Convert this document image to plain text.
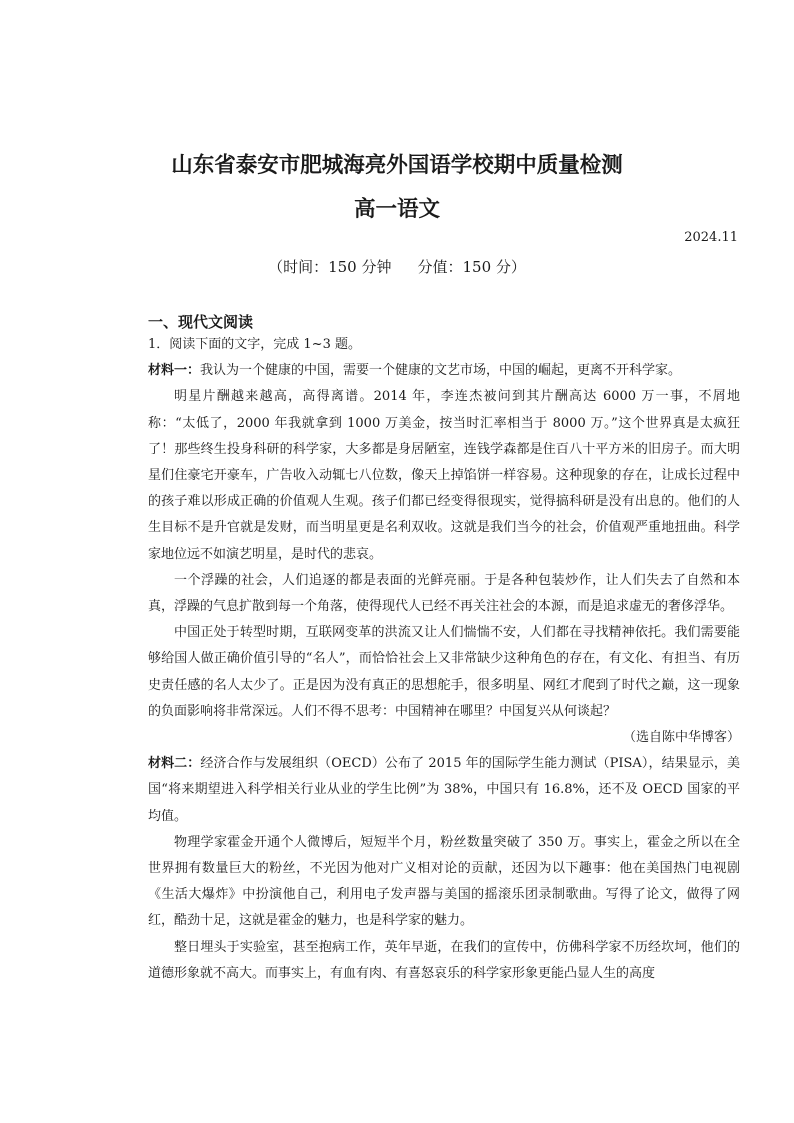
山东省泰安市肥城海亮外国语学校期中质量检测
高一语文
2024.11
（时间：150 分钟 分值：150 分）
一、现代文阅读

1．阅读下面的文字，完成 1~3 题。

材料一：我认为一个健康的中国，需要一个健康的文艺市场，中国的崛起，更离不开科学家。

明星片酬越来越高，高得离谱。2014 年，李连杰被问到其片酬高达 6000 万一事，不屑地称：“太低了，2000 年我就拿到 1000 万美金，按当时汇率相当于 8000 万。”这个世界真是太疯狂了！那些终生投身科研的科学家，大多都是身居陋室，连钱学森都是住百八十平方米的旧房子。而大明星们住豪宅开豪车，广告收入动辄七八位数，像天上掉馅饼一样容易。这种现象的存在，让成长过程中的孩子难以形成正确的价值观人生观。孩子们都已经变得很现实，觉得搞科研是没有出息的。他们的人生目标不是升官就是发财，而当明星更是名利双收。这就是我们当今的社会，价值观严重地扭曲。科学家地位远不如演艺明星，是时代的悲哀。

一个浮躁的社会，人们追逐的都是表面的光鲜亮丽。于是各种包装炒作，让人们失去了自然和本真，浮躁的气息扩散到每一个角落，使得现代人已经不再关注社会的本源，而是追求虚无的奢侈浮华。

中国正处于转型时期，互联网变革的洪流又让人们惴惴不安，人们都在寻找精神依托。我们需要能够给国人做正确价值引导的“名人”，而恰恰社会上又非常缺少这种角色的存在，有文化、有担当、有历史责任感的名人太少了。正是因为没有真正的思想舵手，很多明星、网红才爬到了时代之巅，这一现象的负面影响将非常深远。人们不得不思考：中国精神在哪里？中国复兴从何谈起？

（选自陈中华博客）

材料二：经济合作与发展组织（OECD）公布了 2015 年的国际学生能力测试（PISA），结果显示，美国“将来期望进入科学相关行业从业的学生比例”为 38%，中国只有 16.8%，还不及 OECD 国家的平均值。

物理学家霍金开通个人微博后，短短半个月，粉丝数量突破了 350 万。事实上，霍金之所以在全世界拥有数量巨大的粉丝，不光因为他对广义相对论的贡献，还因为以下趣事：他在美国热门电视剧《生活大爆炸》中扮演他自己，利用电子发声器与美国的摇滚乐团录制歌曲。写得了论文，做得了网红，酷劲十足，这就是霍金的魅力，也是科学家的魅力。

整日埋头于实验室，甚至抱病工作，英年早逝，在我们的宣传中，仿佛科学家不历经坎坷，他们的道德形象就不高大。而事实上，有血有肉、有喜怒哀乐的科学家形象更能凸显人生的高度
